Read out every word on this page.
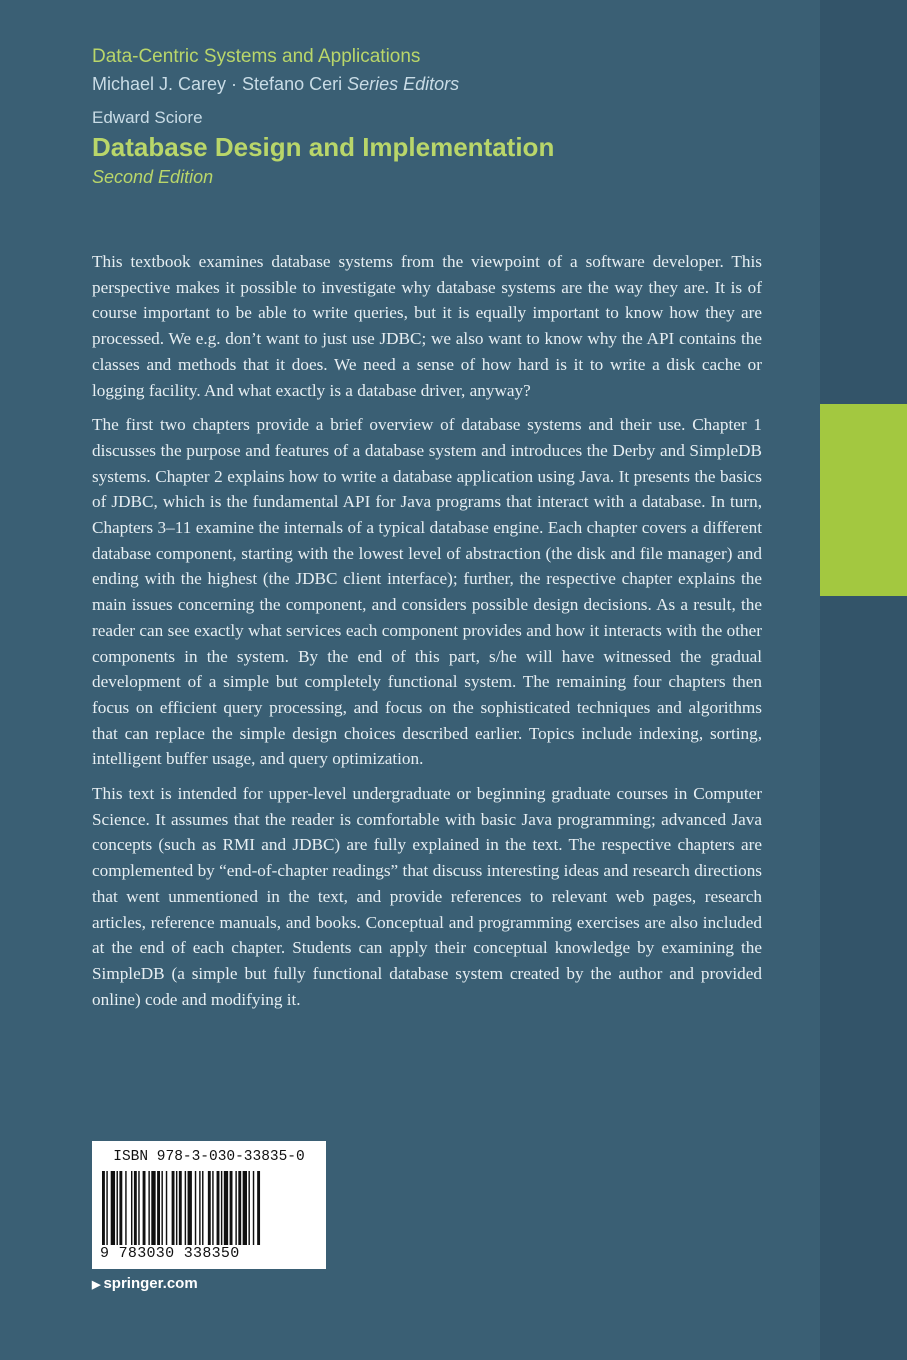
Data-Centric Systems and Applications
Michael J. Carey · Stefano Ceri Series Editors
Edward Sciore
Database Design and Implementation
Second Edition

This textbook examines database systems from the viewpoint of a software developer. This perspective makes it possible to investigate why database systems are the way they are. It is of course important to be able to write queries, but it is equally important to know how they are processed. We e.g. don’t want to just use JDBC; we also want to know why the API contains the classes and methods that it does. We need a sense of how hard is it to write a disk cache or logging facility. And what exactly is a database driver, anyway?

The first two chapters provide a brief overview of database systems and their use. Chapter 1 discusses the purpose and features of a database system and introduces the Derby and SimpleDB systems. Chapter 2 explains how to write a database application using Java. It presents the basics of JDBC, which is the fundamental API for Java programs that interact with a database. In turn, Chapters 3–11 examine the internals of a typical database engine. Each chapter covers a different database component, starting with the lowest level of abstraction (the disk and file manager) and ending with the highest (the JDBC client interface); further, the respective chapter explains the main issues concerning the component, and considers possible design decisions. As a result, the reader can see exactly what services each component provides and how it interacts with the other components in the system. By the end of this part, s/he will have witnessed the gradual development of a simple but completely functional system. The remaining four chapters then focus on efficient query processing, and focus on the sophisticated techniques and algorithms that can replace the simple design choices described earlier. Topics include indexing, sorting, intelligent buffer usage, and query optimization.

This text is intended for upper-level undergraduate or beginning graduate courses in Computer Science. It assumes that the reader is comfortable with basic Java programming; advanced Java concepts (such as RMI and JDBC) are fully explained in the text. The respective chapters are complemented by “end-of-chapter readings” that discuss interesting ideas and research directions that went unmentioned in the text, and provide references to relevant web pages, research articles, reference manuals, and books. Conceptual and programming exercises are also included at the end of each chapter. Students can apply their conceptual knowledge by examining the SimpleDB (a simple but fully functional database system created by the author and provided online) code and modifying it.

ISBN 978-3-030-33835-0
9 783030 338350
▶ springer.com
